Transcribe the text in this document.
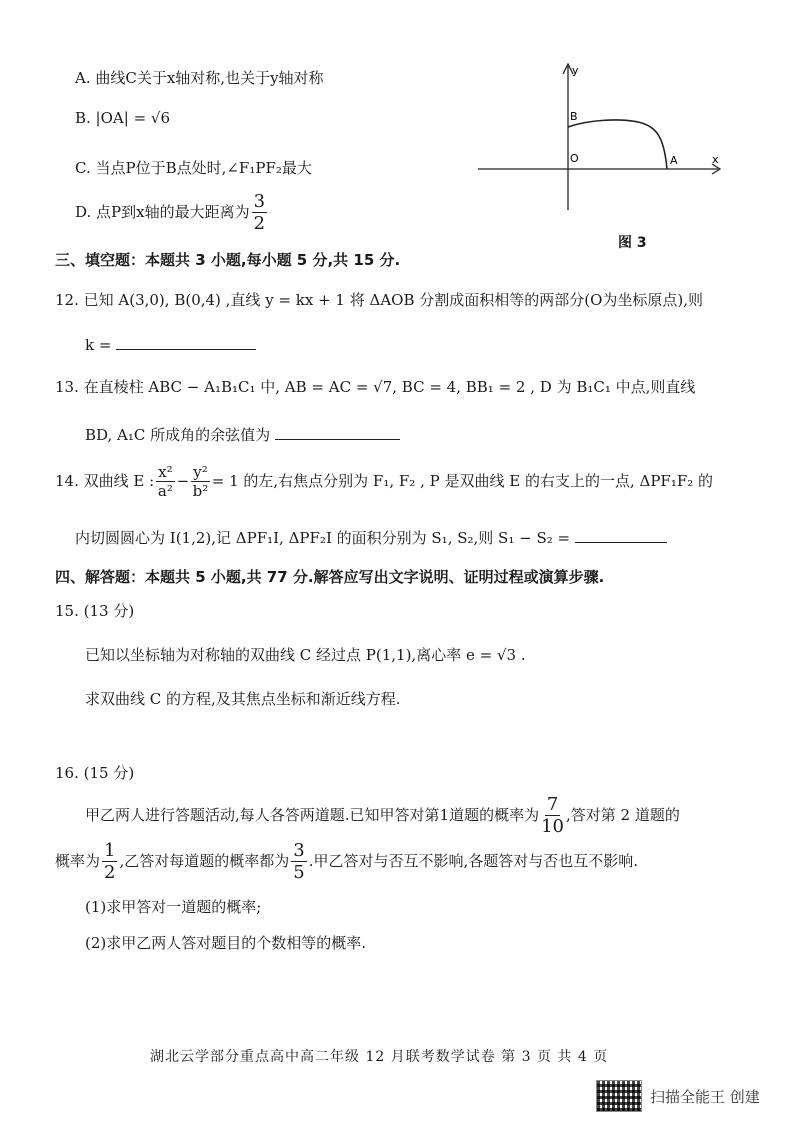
A. 曲线C关于x轴对称,也关于y轴对称
B. |OA| = √6
C. 当点P位于B点处时,∠F₁PF₂最大
D. 点P到x轴的最大距离为 $\frac{3}{2}$
y
x
O	A
B
图 3
三、填空题：本题共 3 小题,每小题 5 分,共 15 分.
12. 已知 A(3,0), B(0,4) ,直线 y = kx + 1 将 ΔAOB 分割成面积相等的两部分(O为坐标原点),则
k =
13. 在直棱柱 ABC − A₁B₁C₁ 中, AB = AC = √7, BC = 4, BB₁ = 2 , D 为 B₁C₁ 中点,则直线
BD, A₁C 所成角的余弦值为
14. 双曲线 E : $\frac{\text{x²}}{\text{a²}} - \frac{\text{y²}}{\text{b²}} = 1$ 的左,右焦点分别为 F₁, F₂ , P 是双曲线 E 的右支上的一点, ΔPF₁F₂ 的
内切圆圆心为 I(1,2),记 ΔPF₁I, ΔPF₂I 的面积分别为 S₁, S₂,则 S₁ − S₂ =
四、解答题：本题共 5 小题,共 77 分.解答应写出文字说明、证明过程或演算步骤.
15. (13 分)
已知以坐标轴为对称轴的双曲线 C 经过点 P(1,1),离心率 e = √3 .
求双曲线 C 的方程,及其焦点坐标和渐近线方程.
16. (15 分)
甲乙两人进行答题活动,每人各答两道题.已知甲答对第1道题的概率为 $\frac{7}{10}$ ,答对第 2 道题的
概率为 $\frac{1}{2}$ ,乙答对每道题的概率都为 $\frac{3}{5}$ .甲乙答对与否互不影响,各题答对与否也互不影响.
(1)求甲答对一道题的概率;
(2)求甲乙两人答对题目的个数相等的概率.
湖北云学部分重点高中高二年级 12 月联考数学试卷 第 3 页 共 4 页
扫描全能王 创建
